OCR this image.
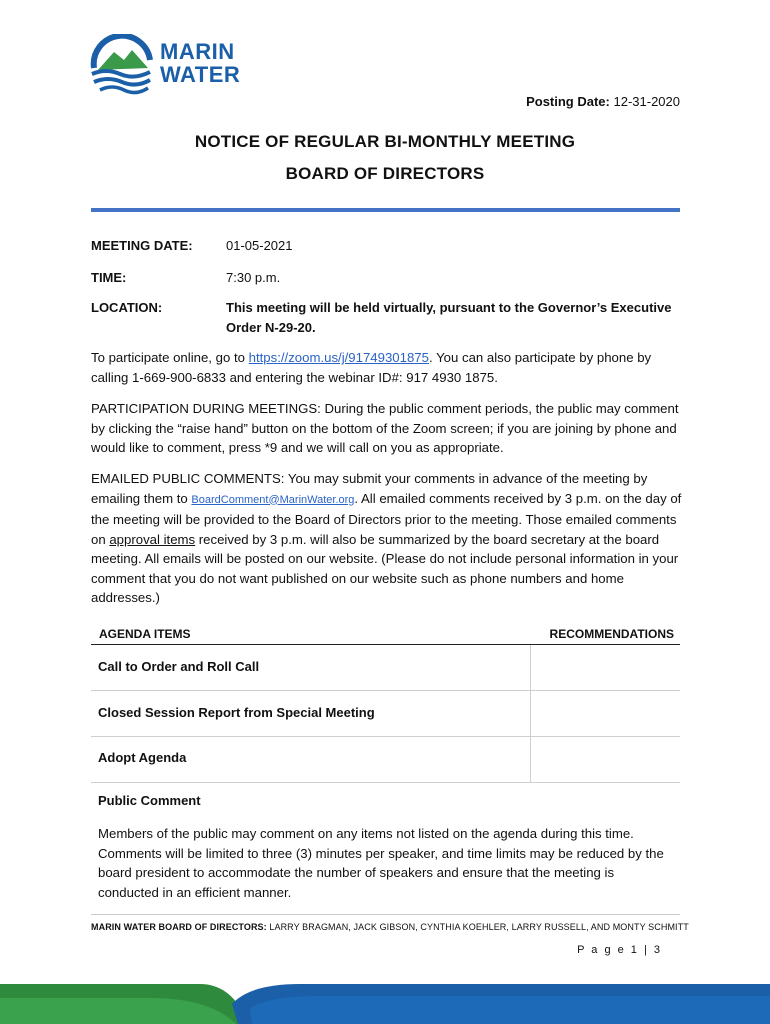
MARIN
WATER
Posting Date: 12-31-2020
NOTICE OF REGULAR BI-MONTHLY MEETING
BOARD OF DIRECTORS
MEETING DATE:	01-05-2021
TIME:	7:30 p.m.
LOCATION:	This meeting will be held virtually, pursuant to the Governor’s Executive Order N-29-20.
To participate online, go to https://zoom.us/j/91749301875. You can also participate by phone by calling 1-669-900-6833 and entering the webinar ID#: 917 4930 1875.
PARTICIPATION DURING MEETINGS: During the public comment periods, the public may comment by clicking the “raise hand” button on the bottom of the Zoom screen; if you are joining by phone and would like to comment, press *9 and we will call on you as appropriate.
EMAILED PUBLIC COMMENTS: You may submit your comments in advance of the meeting by emailing them to BoardComment@MarinWater.org. All emailed comments received by 3 p.m. on the day of the meeting will be provided to the Board of Directors prior to the meeting. Those emailed comments on approval items received by 3 p.m. will also be summarized by the board secretary at the board meeting. All emails will be posted on our website. (Please do not include personal information in your comment that you do not want published on our website such as phone numbers and home addresses.)
AGENDA ITEMS	RECOMMENDATIONS
Call to Order and Roll Call
Closed Session Report from Special Meeting
Adopt Agenda
Public Comment
Members of the public may comment on any items not listed on the agenda during this time. Comments will be limited to three (3) minutes per speaker, and time limits may be reduced by the board president to accommodate the number of speakers and ensure that the meeting is conducted in an efficient manner.
MARIN WATER BOARD OF DIRECTORS: LARRY BRAGMAN, JACK GIBSON, CYNTHIA KOEHLER, LARRY RUSSELL, AND MONTY SCHMITT
P a g e 1 | 3
